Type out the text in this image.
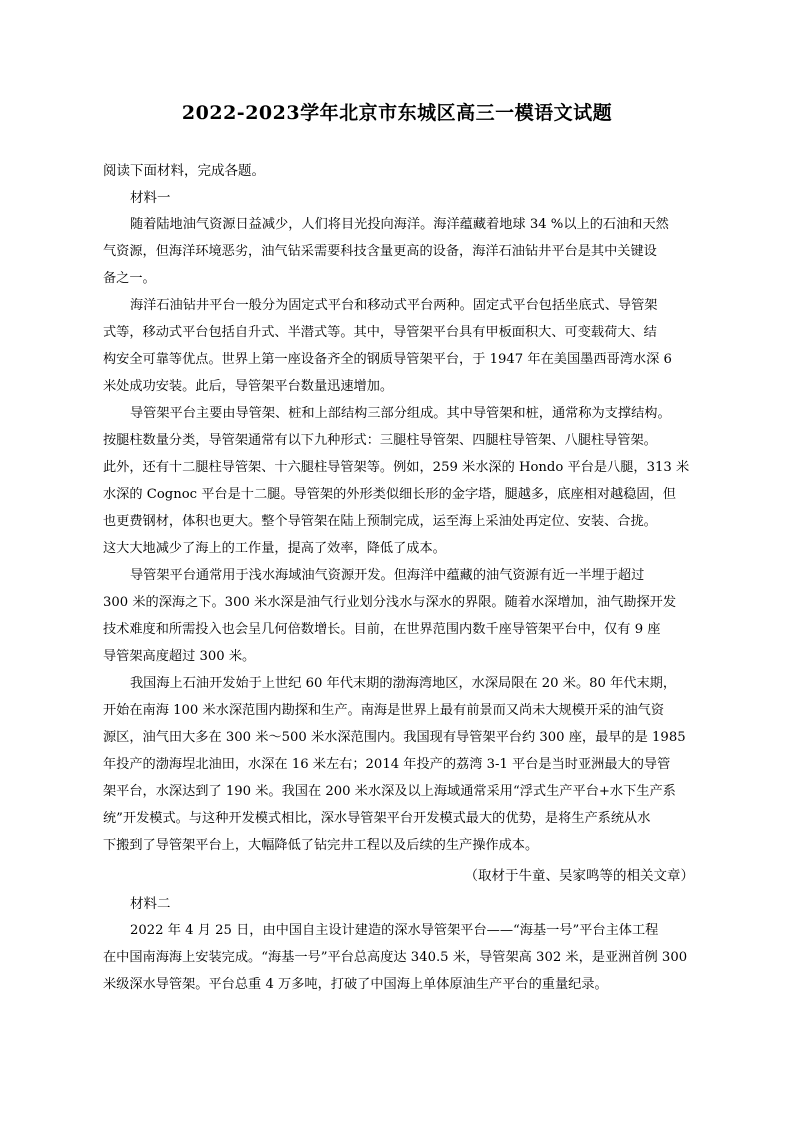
2022-2023学年北京市东城区高三一模语文试题
阅读下面材料，完成各题。
材料一
随着陆地油气资源日益减少，人们将目光投向海洋。海洋蕴藏着地球 34 %以上的石油和天然
气资源，但海洋环境恶劣，油气钻采需要科技含量更高的设备，海洋石油钻井平台是其中关键设
备之一。
海洋石油钻井平台一般分为固定式平台和移动式平台两种。固定式平台包括坐底式、导管架
式等，移动式平台包括自升式、半潜式等。其中，导管架平台具有甲板面积大、可变载荷大、结
构安全可靠等优点。世界上第一座设备齐全的钢质导管架平台，于 1947 年在美国墨西哥湾水深 6
米处成功安装。此后，导管架平台数量迅速增加。
导管架平台主要由导管架、桩和上部结构三部分组成。其中导管架和桩，通常称为支撑结构。
按腿柱数量分类，导管架通常有以下九种形式：三腿柱导管架、四腿柱导管架、八腿柱导管架。
此外，还有十二腿柱导管架、十六腿柱导管架等。例如，259 米水深的 Hondo 平台是八腿，313 米
水深的 Cognoc 平台是十二腿。导管架的外形类似细长形的金字塔，腿越多，底座相对越稳固，但
也更费钢材，体积也更大。整个导管架在陆上预制完成，运至海上采油处再定位、安装、合拢。
这大大地减少了海上的工作量，提高了效率，降低了成本。
导管架平台通常用于浅水海域油气资源开发。但海洋中蕴藏的油气资源有近一半埋于超过
300 米的深海之下。300 米水深是油气行业划分浅水与深水的界限。随着水深增加，油气勘探开发
技术难度和所需投入也会呈几何倍数增长。目前，在世界范围内数千座导管架平台中，仅有 9 座
导管架高度超过 300 米。
我国海上石油开发始于上世纪 60 年代末期的渤海湾地区，水深局限在 20 米。80 年代末期，
开始在南海 100 米水深范围内勘探和生产。南海是世界上最有前景而又尚未大规模开采的油气资
源区，油气田大多在 300 米～500 米水深范围内。我国现有导管架平台约 300 座，最早的是 1985
年投产的渤海埕北油田，水深在 16 米左右；2014 年投产的荔湾 3-1 平台是当时亚洲最大的导管
架平台，水深达到了 190 米。我国在 200 米水深及以上海域通常采用“浮式生产平台+水下生产系
统”开发模式。与这种开发模式相比，深水导管架平台开发模式最大的优势，是将生产系统从水
下搬到了导管架平台上，大幅降低了钻完井工程以及后续的生产操作成本。
（取材于牛童、吴家鸣等的相关文章）
材料二
2022 年 4 月 25 日，由中国自主设计建造的深水导管架平台——“海基一号”平台主体工程
在中国南海海上安装完成。“海基一号”平台总高度达 340.5 米，导管架高 302 米，是亚洲首例 300
米级深水导管架。平台总重 4 万多吨，打破了中国海上单体原油生产平台的重量纪录。
